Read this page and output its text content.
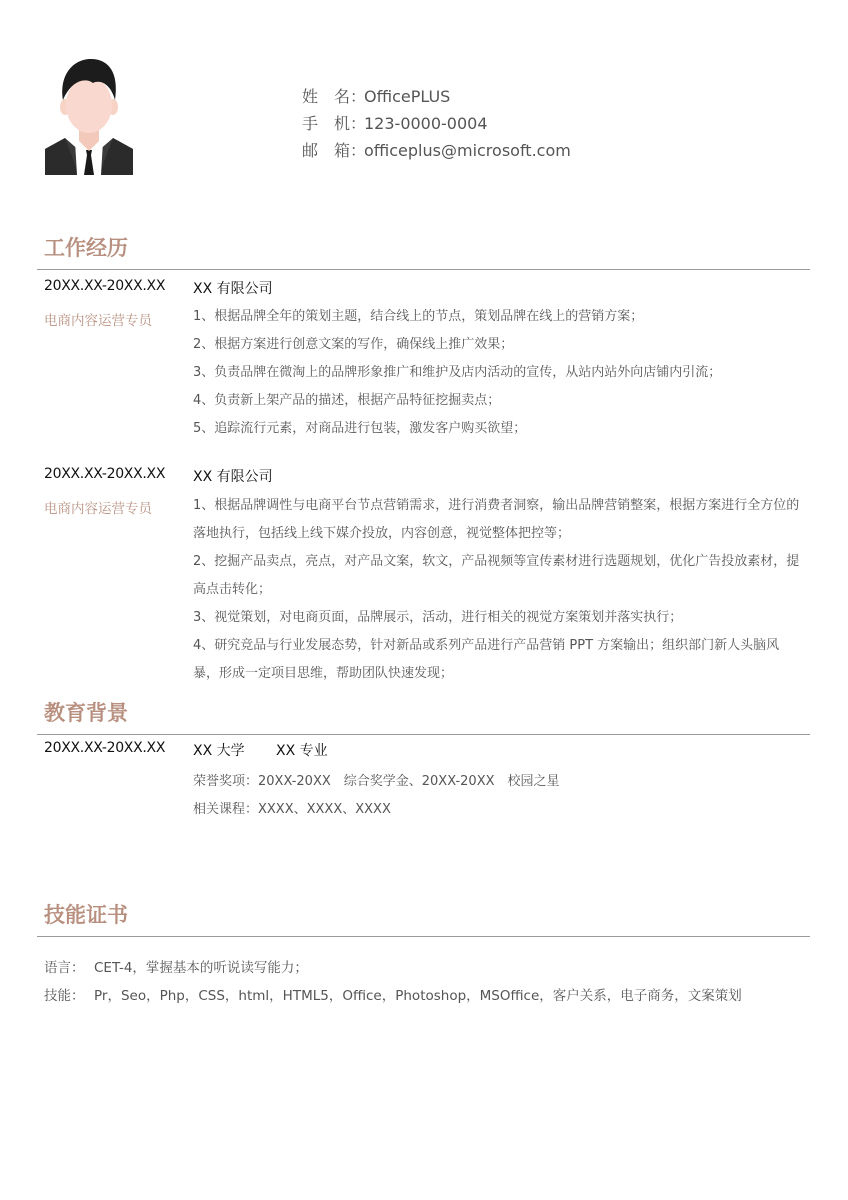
姓　名：OfficePLUS
手　机：123-0000-0004
邮　箱：officeplus@microsoft.com
工作经历
20XX.XX-20XX.XX XX 有限公司
电商内容运营专员	1、根据品牌全年的策划主题，结合线上的节点，策划品牌在线上的营销方案；
2、根据方案进行创意文案的写作，确保线上推广效果；
3、负责品牌在微淘上的品牌形象推广和维护及店内活动的宣传，从站内站外向店铺内引流；
4、负责新上架产品的描述，根据产品特征挖掘卖点；
5、追踪流行元素，对商品进行包装，激发客户购买欲望；
20XX.XX-20XX.XX XX 有限公司
电商内容运营专员	1、根据品牌调性与电商平台节点营销需求，进行消费者洞察，输出品牌营销整案，根据方案进行全方位的落地执行，包括线上线下媒介投放，内容创意，视觉整体把控等；
2、挖掘产品卖点，亮点，对产品文案，软文，产品视频等宣传素材进行选题规划，优化广告投放素材，提高点击转化；
3、视觉策划，对电商页面，品牌展示，活动，进行相关的视觉方案策划并落实执行；
4、研究竞品与行业发展态势，针对新品或系列产品进行产品营销 PPT 方案输出；组织部门新人头脑风暴，形成一定项目思维，帮助团队快速发现；
教育背景
20XX.XX-20XX.XX XX 大学 XX 专业
荣誉奖项：20XX-20XX　综合奖学金、20XX-20XX　校园之星
相关课程：XXXX、XXXX、XXXX
技能证书
语言： CET-4，掌握基本的听说读写能力；
技能： Pr，Seo，Php，CSS，html，HTML5，Office，Photoshop，MSOffice，客户关系，电子商务，文案策划
